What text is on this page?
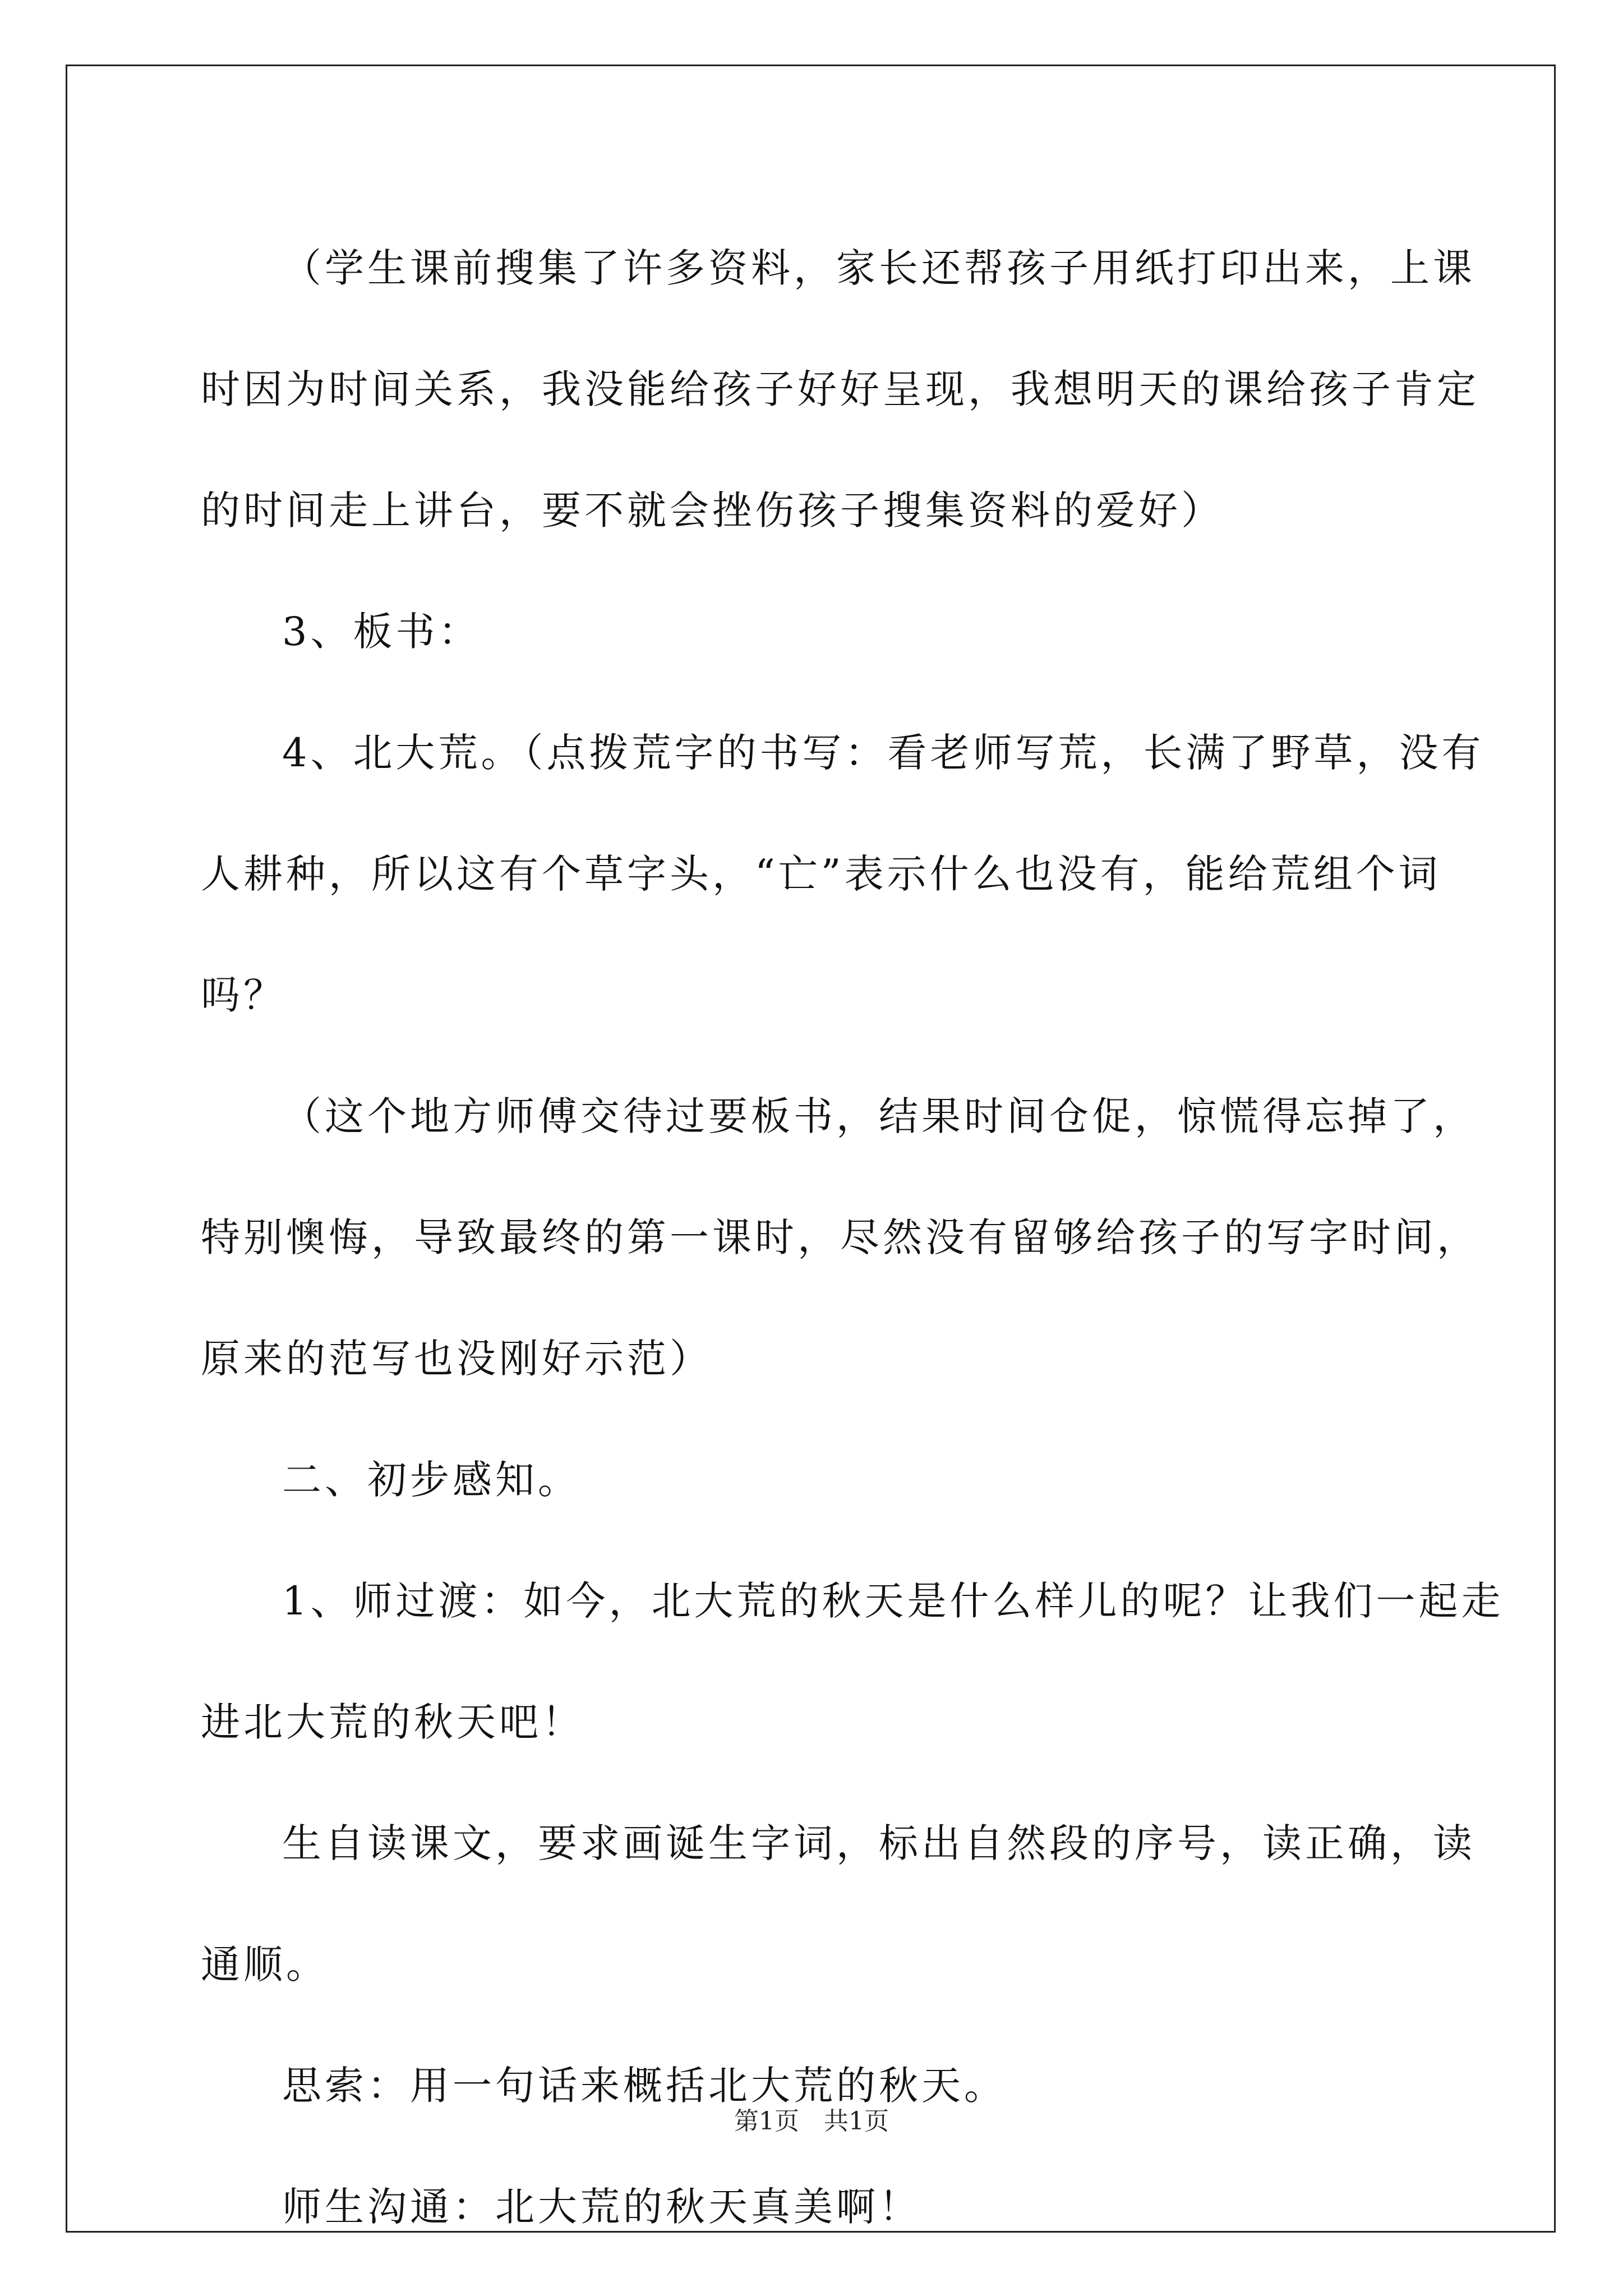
（学生课前搜集了许多资料，家长还帮孩子用纸打印出来，上课

时因为时间关系，我没能给孩子好好呈现，我想明天的课给孩子肯定

的时间走上讲台，要不就会挫伤孩子搜集资料的爱好）

3、板书：

4、北大荒。（点拨荒字的书写：看老师写荒，长满了野草，没有

人耕种，所以这有个草字头，“亡”表示什么也没有，能给荒组个词

吗？

（这个地方师傅交待过要板书，结果时间仓促，惊慌得忘掉了，

特别懊悔，导致最终的第一课时，尽然没有留够给孩子的写字时间，

原来的范写也没刚好示范）

二、初步感知。

1、师过渡：如今，北大荒的秋天是什么样儿的呢？让我们一起走

进北大荒的秋天吧！

生自读课文，要求画诞生字词，标出自然段的序号，读正确，读

通顺。

思索：用一句话来概括北大荒的秋天。

师生沟通：北大荒的秋天真美啊！

第1页　共1页
